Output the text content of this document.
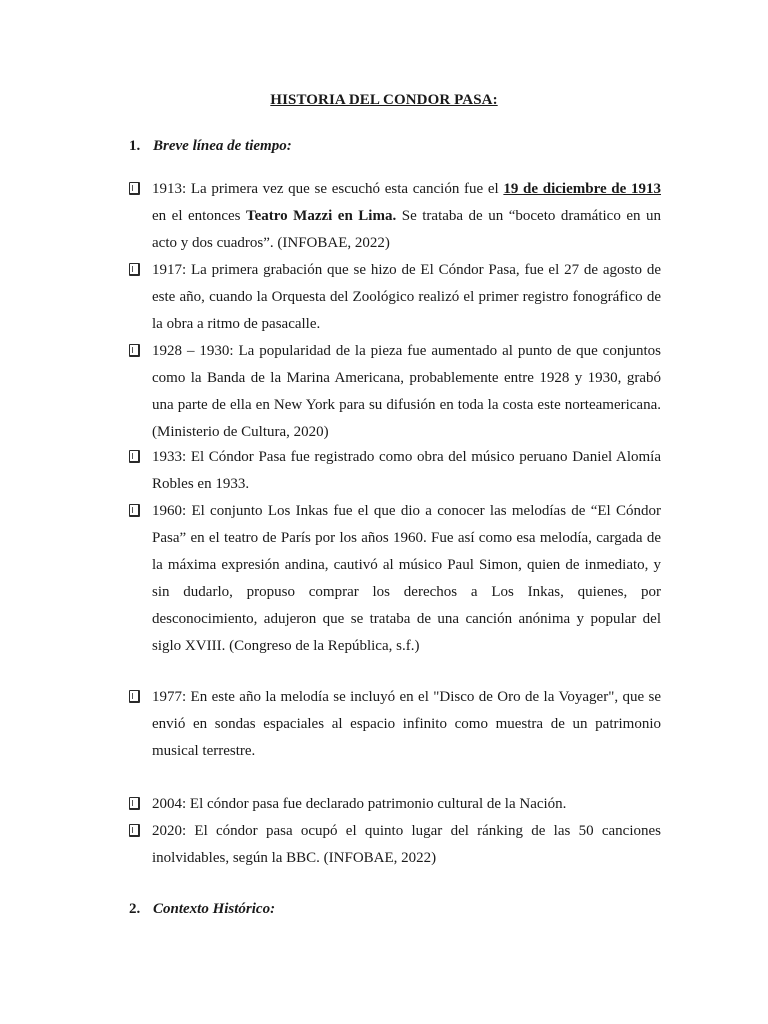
HISTORIA DEL CONDOR PASA:
1. Breve línea de tiempo:
1913: La primera vez que se escuchó esta canción fue el 19 de diciembre de 1913 en el entonces Teatro Mazzi en Lima. Se trataba de un “boceto dramático en un acto y dos cuadros”. (INFOBAE, 2022)
1917: La primera grabación que se hizo de El Cóndor Pasa, fue el 27 de agosto de este año, cuando la Orquesta del Zoológico realizó el primer registro fonográfico de la obra a ritmo de pasacalle.
1928 – 1930: La popularidad de la pieza fue aumentado al punto de que conjuntos como la Banda de la Marina Americana, probablemente entre 1928 y 1930, grabó una parte de ella en New York para su difusión en toda la costa este norteamericana. (Ministerio de Cultura, 2020)
1933: El Cóndor Pasa fue registrado como obra del músico peruano Daniel Alomía Robles en 1933.
1960: El conjunto Los Inkas fue el que dio a conocer las melodías de “El Cóndor Pasa” en el teatro de París por los años 1960. Fue así como esa melodía, cargada de la máxima expresión andina, cautivó al músico Paul Simon, quien de inmediato, y sin dudarlo, propuso comprar los derechos a Los Inkas, quienes, por desconocimiento, adujeron que se trataba de una canción anónima y popular del siglo XVIII. (Congreso de la República, s.f.)
1977: En este año la melodía se incluyó en el "Disco de Oro de la Voyager", que se envió en sondas espaciales al espacio infinito como muestra de un patrimonio musical terrestre.
2004: El cóndor pasa fue declarado patrimonio cultural de la Nación.
2020: El cóndor pasa ocupó el quinto lugar del ránking de las 50 canciones inolvidables, según la BBC. (INFOBAE, 2022)
2. Contexto Histórico:
